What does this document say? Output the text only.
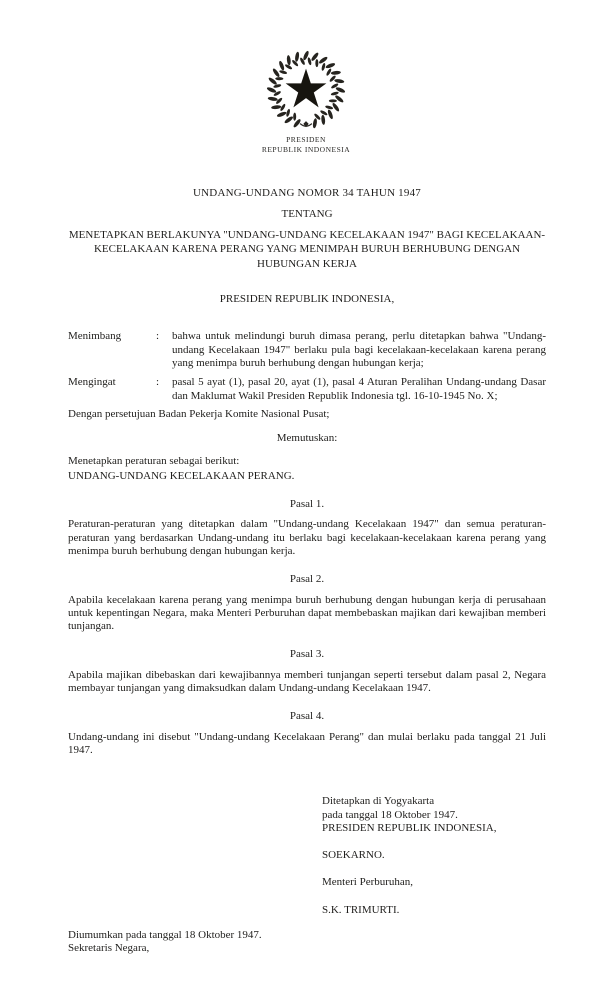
PRESIDEN
REPUBLIK INDONESIA
UNDANG-UNDANG NOMOR 34 TAHUN 1947
TENTANG
MENETAPKAN BERLAKUNYA "UNDANG-UNDANG KECELAKAAN 1947" BAGI KECELAKAAN-KECELAKAAN KARENA PERANG YANG MENIMPAH BURUH BERHUBUNG DENGAN HUBUNGAN KERJA
PRESIDEN REPUBLIK INDONESIA,
Menimbang	:	bahwa untuk melindungi buruh dimasa perang, perlu ditetapkan bahwa "Undang-undang Kecelakaan 1947" berlaku pula bagi kecelakaan-kecelakaan karena perang yang menimpa buruh berhubung dengan hubungan kerja;
Mengingat	:	pasal 5 ayat (1), pasal 20, ayat (1), pasal 4 Aturan Peralihan Undang-undang Dasar dan Maklumat Wakil Presiden Republik Indonesia tgl. 16-10-1945 No. X;

Dengan persetujuan Badan Pekerja Komite Nasional Pusat;

Memutuskan:

Menetapkan peraturan sebagai berikut:

UNDANG-UNDANG KECELAKAAN PERANG.

Pasal 1.

Peraturan-peraturan yang ditetapkan dalam "Undang-undang Kecelakaan 1947" dan semua peraturan-peraturan yang berdasarkan Undang-undang itu berlaku bagi kecelakaan-kecelakaan karena perang yang menimpa buruh berhubung dengan hubungan kerja.

Pasal 2.

Apabila kecelakaan karena perang yang menimpa buruh berhubung dengan hubungan kerja di perusahaan untuk kepentingan Negara, maka Menteri Perburuhan dapat membebaskan majikan dari kewajiban memberi tunjangan.

Pasal 3.

Apabila majikan dibebaskan dari kewajibannya memberi tunjangan seperti tersebut dalam pasal 2, Negara membayar tunjangan yang dimaksudkan dalam Undang-undang Kecelakaan 1947.

Pasal 4.

Undang-undang ini disebut "Undang-undang Kecelakaan Perang" dan mulai berlaku pada tanggal 21 Juli 1947.

Ditetapkan di Yogyakarta
pada tanggal 18 Oktober 1947.
PRESIDEN REPUBLIK INDONESIA,
SOEKARNO.
Menteri Perburuhan,
S.K. TRIMURTI.
Diumumkan pada tanggal 18 Oktober 1947.
Sekretaris Negara,
